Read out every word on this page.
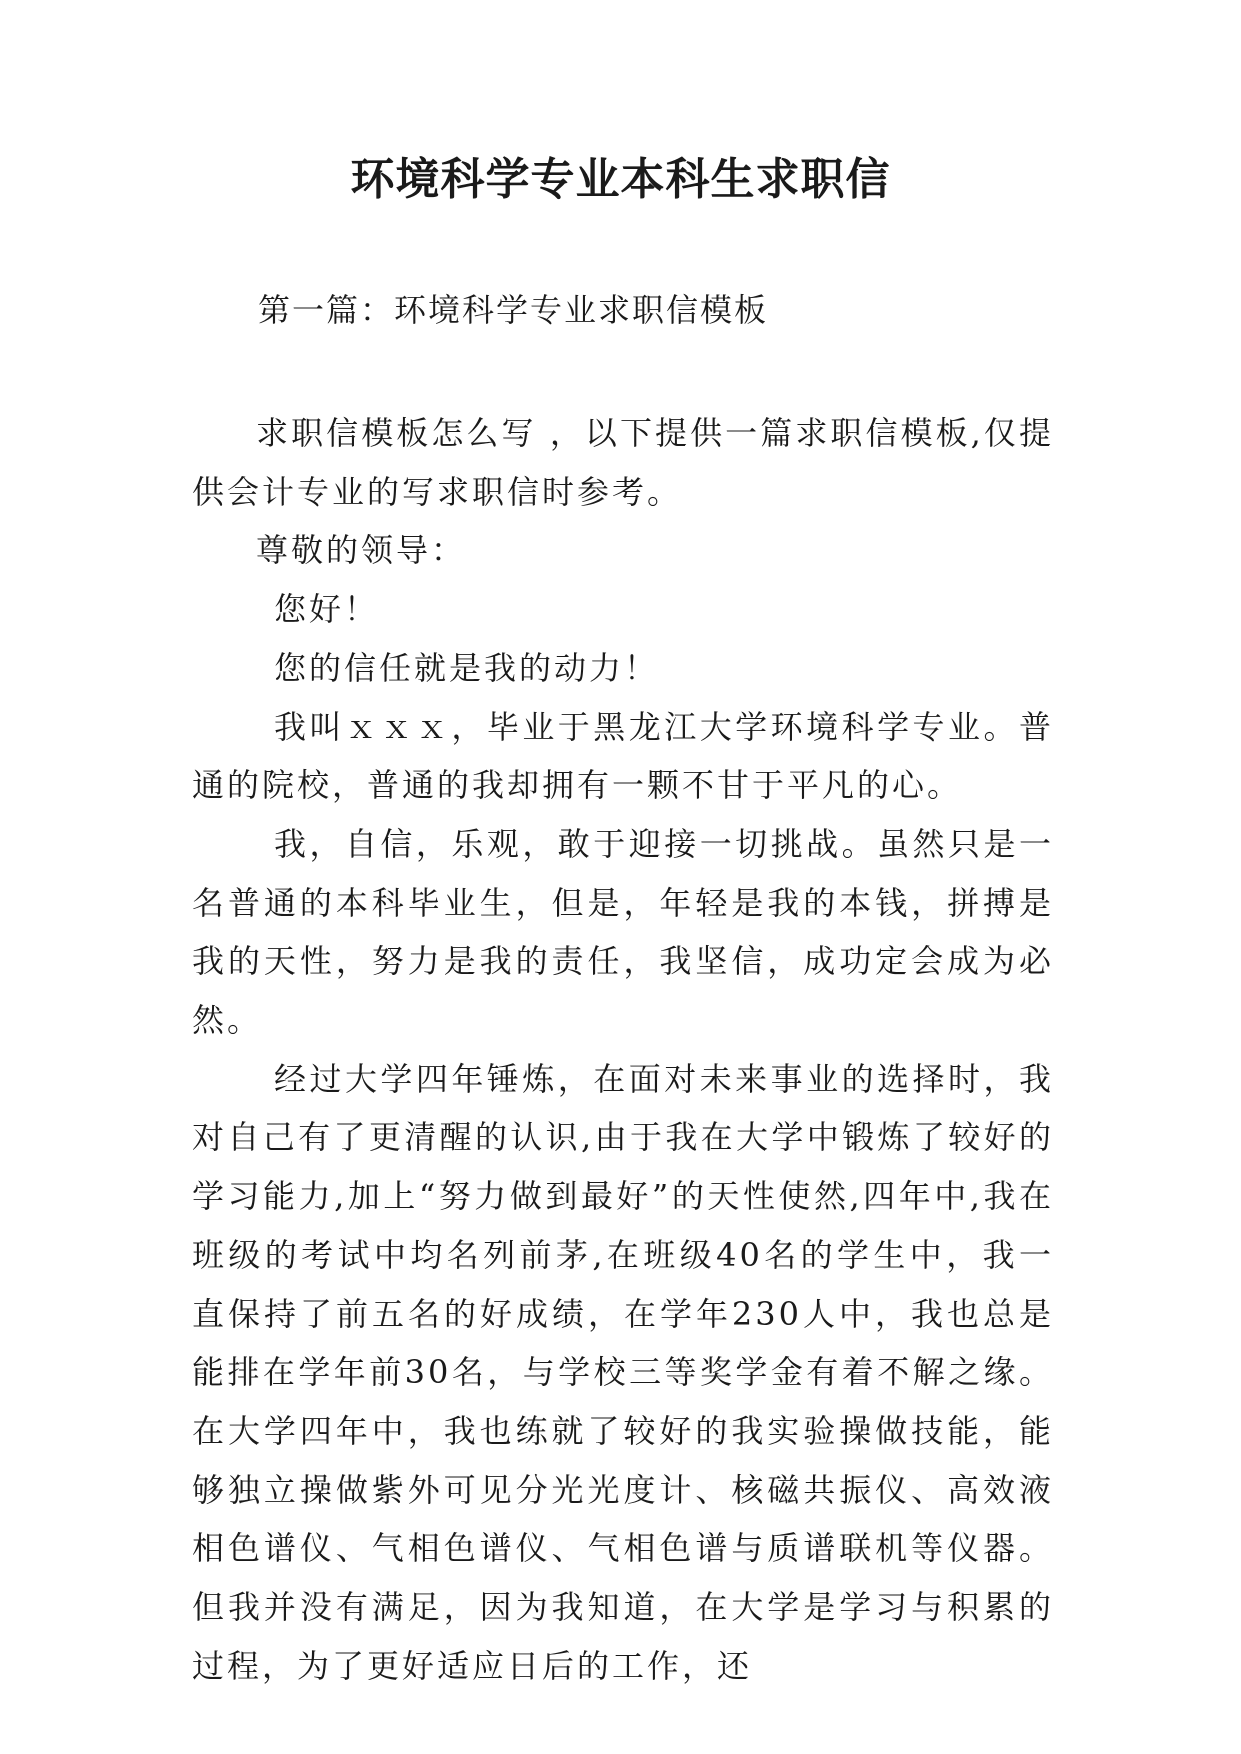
环境科学专业本科生求职信

第一篇：环境科学专业求职信模板

求职信模板怎么写 ，以下提供一篇求职信模板,仅提供会计专业的写求职信时参考。

尊敬的领导：

您好！

您的信任就是我的动力！

我叫ｘｘｘ，毕业于黑龙江大学环境科学专业。普通的院校，普通的我却拥有一颗不甘于平凡的心。

我，自信，乐观，敢于迎接一切挑战。虽然只是一名普通的本科毕业生，但是，年轻是我的本钱，拼搏是我的天性，努力是我的责任，我坚信，成功定会成为必然。

经过大学四年锤炼，在面对未来事业的选择时，我对自己有了更清醒的认识,由于我在大学中锻炼了较好的学习能力,加上“努力做到最好”的天性使然,四年中,我在班级的考试中均名列前茅,在班级40名的学生中，我一直保持了前五名的好成绩，在学年230人中，我也总是能排在学年前30名，与学校三等奖学金有着不解之缘。在大学四年中，我也练就了较好的我实验操做技能，能够独立操做紫外可见分光光度计、核磁共振仪、高效液相色谱仪、气相色谱仪、气相色谱与质谱联机等仪器。但我并没有满足，因为我知道，在大学是学习与积累的过程，为了更好适应日后的工作，还
